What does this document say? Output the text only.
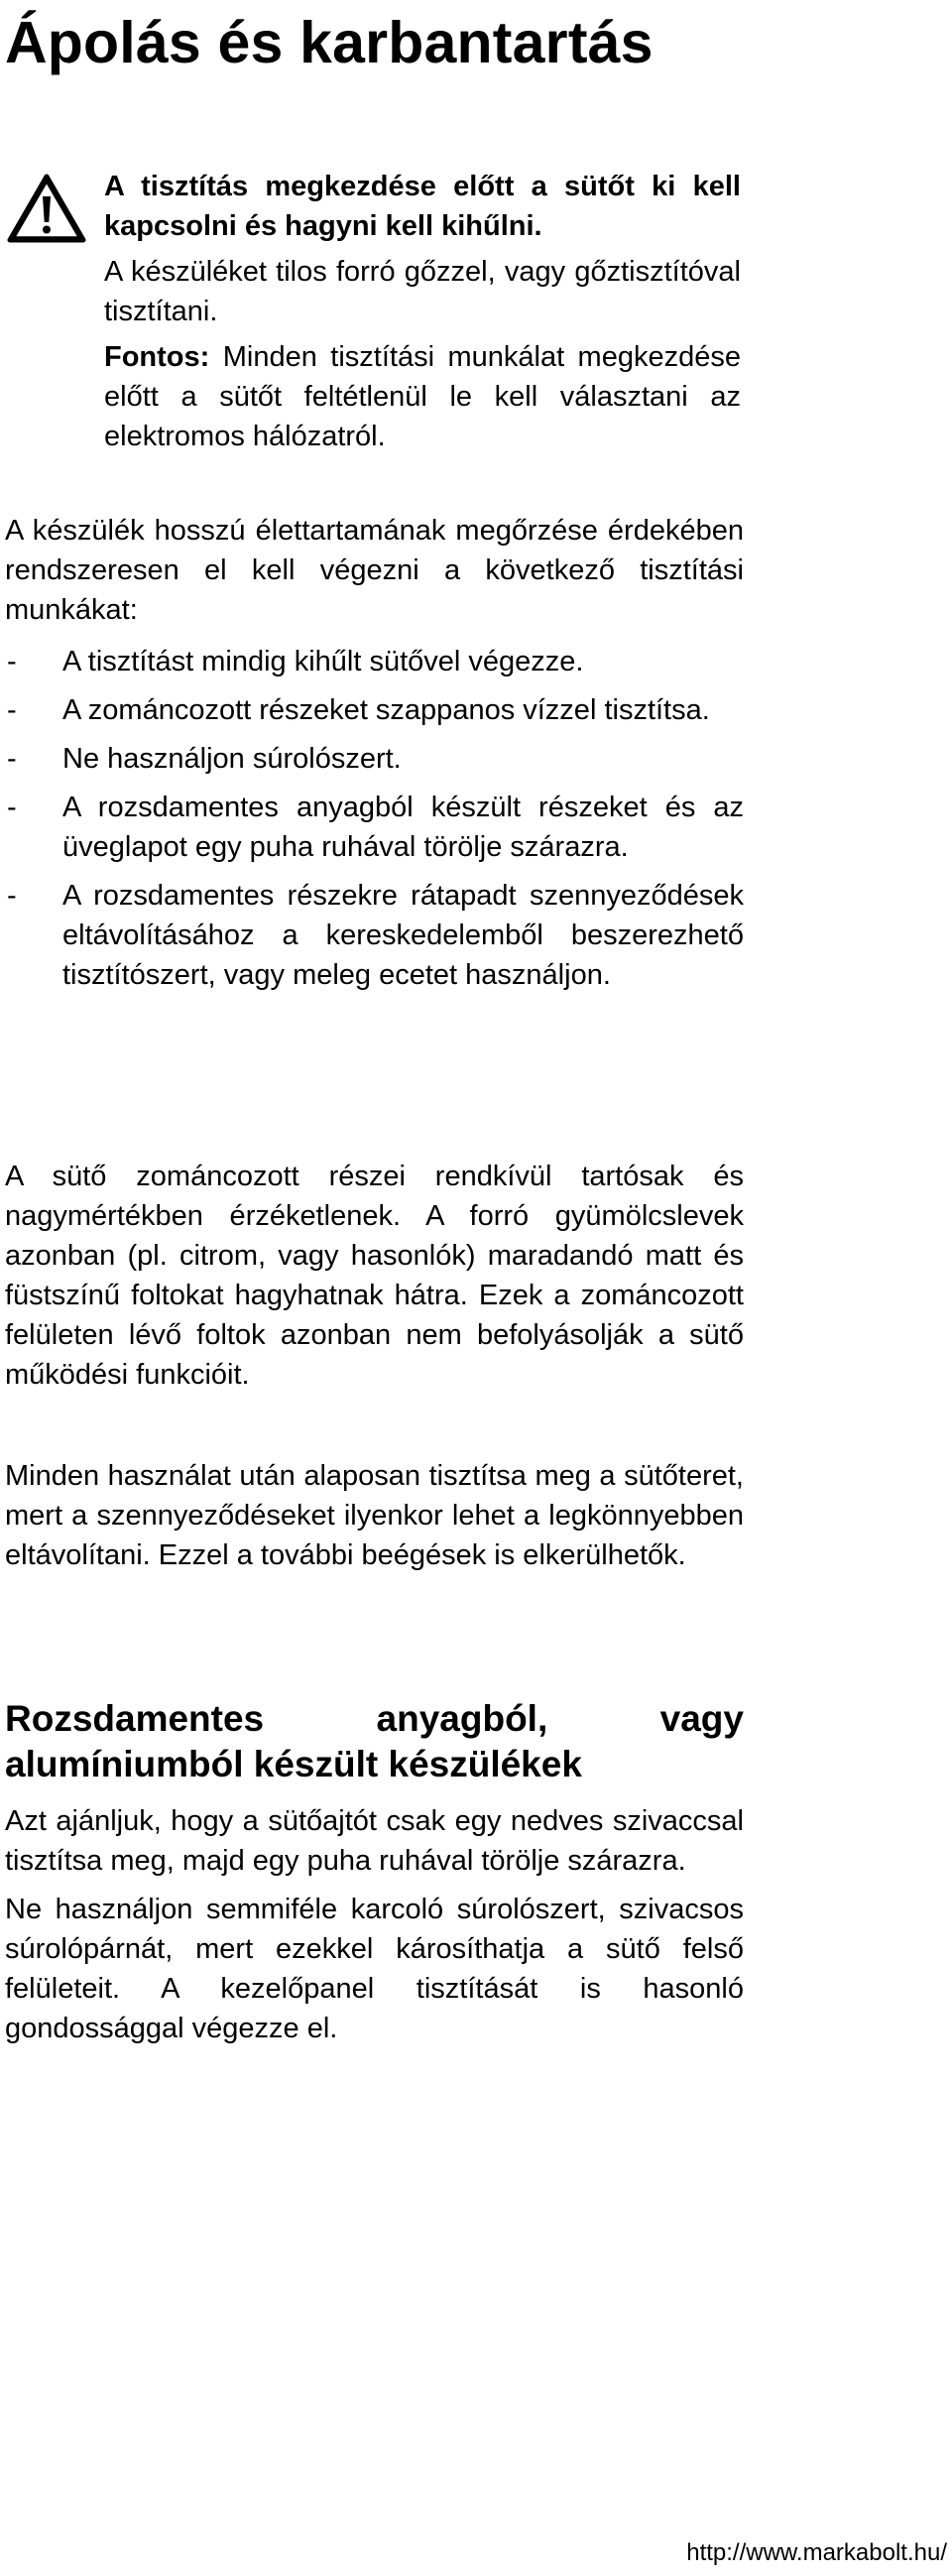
Ápolás és karbantartás

A tisztítás megkezdése előtt a sütőt ki kell kapcsolni és hagyni kell kihűlni.

A készüléket tilos forró gőzzel, vagy gőztisztítóval tisztítani.

Fontos: Minden tisztítási munkálat megkezdése előtt a sütőt feltétlenül le kell választani az elektromos hálózatról.

A készülék hosszú élettartamának megőrzése érdekében rendszeresen el kell végezni a következő tisztítási munkákat:

- A tisztítást mindig kihűlt sütővel végezze.
- A zománcozott részeket szappanos vízzel tisztítsa.
- Ne használjon súrolószert.
- A rozsdamentes anyagból készült részeket és az üveglapot egy puha ruhával törölje szárazra.
- A rozsdamentes részekre rátapadt szennyeződések eltávolításához a kereskedelemből beszerezhető tisztítószert, vagy meleg ecetet használjon.

A sütő zománcozott részei rendkívül tartósak és nagymértékben érzéketlenek. A forró gyümölcslevek azonban (pl. citrom, vagy hasonlók) maradandó matt és füstszínű foltokat hagyhatnak hátra. Ezek a zománcozott felületen lévő foltok azonban nem befolyásolják a sütő működési funkcióit.

Minden használat után alaposan tisztítsa meg a sütőteret, mert a szennyeződéseket ilyenkor lehet a legkönnyebben eltávolítani. Ezzel a további beégések is elkerülhetők.

Rozsdamentes anyagból, vagy alumíniumból készült készülékek

Azt ajánljuk, hogy a sütőajtót csak egy nedves szivaccsal tisztítsa meg, majd egy puha ruhával törölje szárazra.

Ne használjon semmiféle karcoló súrolószert, szivacsos súrolópárnát, mert ezekkel károsíthatja a sütő felső felületeit. A kezelőpanel tisztítását is hasonló gondossággal végezze el.

http://www.markabolt.hu/
